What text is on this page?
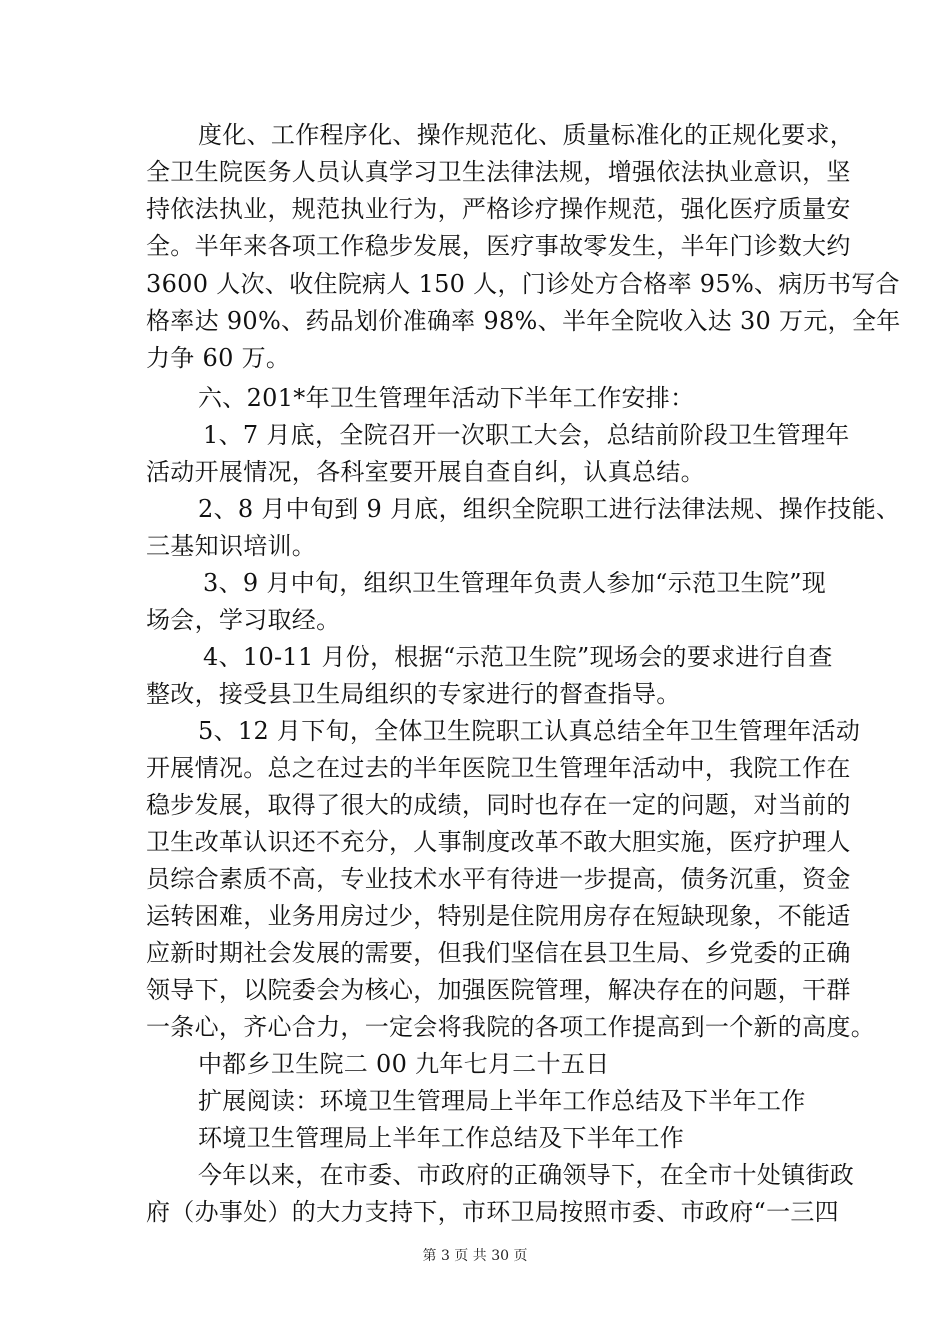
度化、工作程序化、操作规范化、质量标准化的正规化要求，
全卫生院医务人员认真学习卫生法律法规，增强依法执业意识，坚
持依法执业，规范执业行为，严格诊疗操作规范，强化医疗质量安
全。半年来各项工作稳步发展，医疗事故零发生，半年门诊数大约
3600 人次、收住院病人 150 人，门诊处方合格率 95%、病历书写合
格率达 90%、药品划价准确率 98%、半年全院收入达 30 万元，全年
力争 60 万。
六、201*年卫生管理年活动下半年工作安排：
1、7 月底，全院召开一次职工大会，总结前阶段卫生管理年
活动开展情况，各科室要开展自查自纠，认真总结。
2、8 月中旬到 9 月底，组织全院职工进行法律法规、操作技能、
三基知识培训。
3、9 月中旬，组织卫生管理年负责人参加“示范卫生院”现
场会，学习取经。
4、10-11 月份，根据“示范卫生院”现场会的要求进行自查
整改，接受县卫生局组织的专家进行的督查指导。
5、12 月下旬，全体卫生院职工认真总结全年卫生管理年活动
开展情况。总之在过去的半年医院卫生管理年活动中，我院工作在
稳步发展，取得了很大的成绩，同时也存在一定的问题，对当前的
卫生改革认识还不充分，人事制度改革不敢大胆实施，医疗护理人
员综合素质不高，专业技术水平有待进一步提高，债务沉重，资金
运转困难，业务用房过少，特别是住院用房存在短缺现象，不能适
应新时期社会发展的需要，但我们坚信在县卫生局、乡党委的正确
领导下，以院委会为核心，加强医院管理，解决存在的问题，干群
一条心，齐心合力，一定会将我院的各项工作提高到一个新的高度。
中都乡卫生院二 00 九年七月二十五日
扩展阅读：环境卫生管理局上半年工作总结及下半年工作
环境卫生管理局上半年工作总结及下半年工作
今年以来，在市委、市政府的正确领导下，在全市十处镇街政
府（办事处）的大力支持下，市环卫局按照市委、市政府“一三四
第 3 页 共 30 页
